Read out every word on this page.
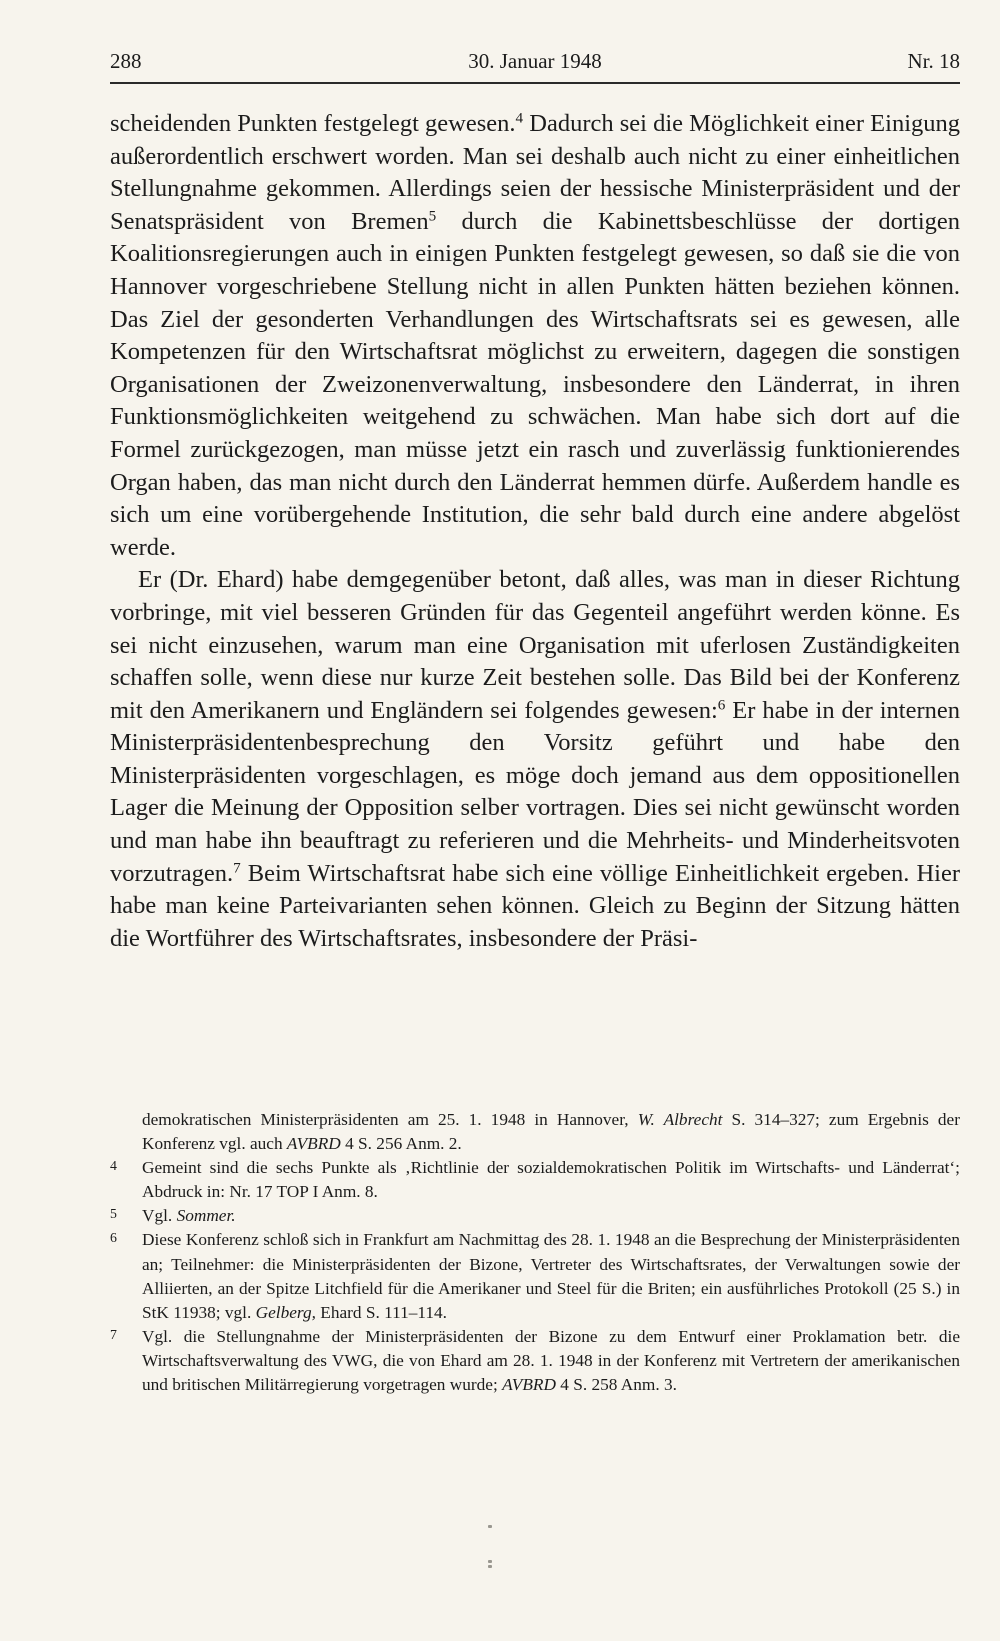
288	30. Januar 1948	Nr. 18

scheidenden Punkten festgelegt gewesen.$^4$ Dadurch sei die Möglichkeit einer Einigung außerordentlich erschwert worden. Man sei deshalb auch nicht zu einer einheitlichen Stellungnahme gekommen. Allerdings seien der hessische Ministerpräsident und der Senatspräsident von Bremen$^5$ durch die Kabinettsbeschlüsse der dortigen Koalitionsregierungen auch in einigen Punkten festgelegt gewesen, so daß sie die von Hannover vorgeschriebene Stellung nicht in allen Punkten hätten beziehen können. Das Ziel der gesonderten Verhandlungen des Wirtschaftsrats sei es gewesen, alle Kompetenzen für den Wirtschaftsrat möglichst zu erweitern, dagegen die sonstigen Organisationen der Zweizonenverwaltung, insbesondere den Länderrat, in ihren Funktionsmöglichkeiten weitgehend zu schwächen. Man habe sich dort auf die Formel zurückgezogen, man müsse jetzt ein rasch und zuverlässig funktionierendes Organ haben, das man nicht durch den Länderrat hemmen dürfe. Außerdem handle es sich um eine vorübergehende Institution, die sehr bald durch eine andere abgelöst werde.

Er (Dr. Ehard) habe demgegenüber betont, daß alles, was man in dieser Richtung vorbringe, mit viel besseren Gründen für das Gegenteil angeführt werden könne. Es sei nicht einzusehen, warum man eine Organisation mit uferlosen Zuständigkeiten schaffen solle, wenn diese nur kurze Zeit bestehen solle. Das Bild bei der Konferenz mit den Amerikanern und Engländern sei folgendes gewesen:$^6$ Er habe in der internen Ministerpräsidentenbesprechung den Vorsitz geführt und habe den Ministerpräsidenten vorgeschlagen, es möge doch jemand aus dem oppositionellen Lager die Meinung der Opposition selber vortragen. Dies sei nicht gewünscht worden und man habe ihn beauftragt zu referieren und die Mehrheits- und Minderheitsvoten vorzutragen.$^7$ Beim Wirtschaftsrat habe sich eine völlige Einheitlichkeit ergeben. Hier habe man keine Parteivarianten sehen können. Gleich zu Beginn der Sitzung hätten die Wortführer des Wirtschaftsrates, insbesondere der Präsi-

demokratischen Ministerpräsidenten am 25. 1. 1948 in Hannover, W. Albrecht S. 314–327; zum Ergebnis der Konferenz vgl. auch AVBRD 4 S. 256 Anm. 2.

4 Gemeint sind die sechs Punkte als ‚Richtlinie der sozialdemokratischen Politik im Wirtschafts- und Länderrat‘; Abdruck in: Nr. 17 TOP I Anm. 8.

5 Vgl. Sommer.

6 Diese Konferenz schloß sich in Frankfurt am Nachmittag des 28. 1. 1948 an die Besprechung der Ministerpräsidenten an; Teilnehmer: die Ministerpräsidenten der Bizone, Vertreter des Wirtschaftsrates, der Verwaltungen sowie der Alliierten, an der Spitze Litchfield für die Amerikaner und Steel für die Briten; ein ausführliches Protokoll (25 S.) in StK 11938; vgl. Gelberg, Ehard S. 111–114.

7 Vgl. die Stellungnahme der Ministerpräsidenten der Bizone zu dem Entwurf einer Proklamation betr. die Wirtschaftsverwaltung des VWG, die von Ehard am 28. 1. 1948 in der Konferenz mit Vertretern der amerikanischen und britischen Militärregierung vorgetragen wurde; AVBRD 4 S. 258 Anm. 3.
